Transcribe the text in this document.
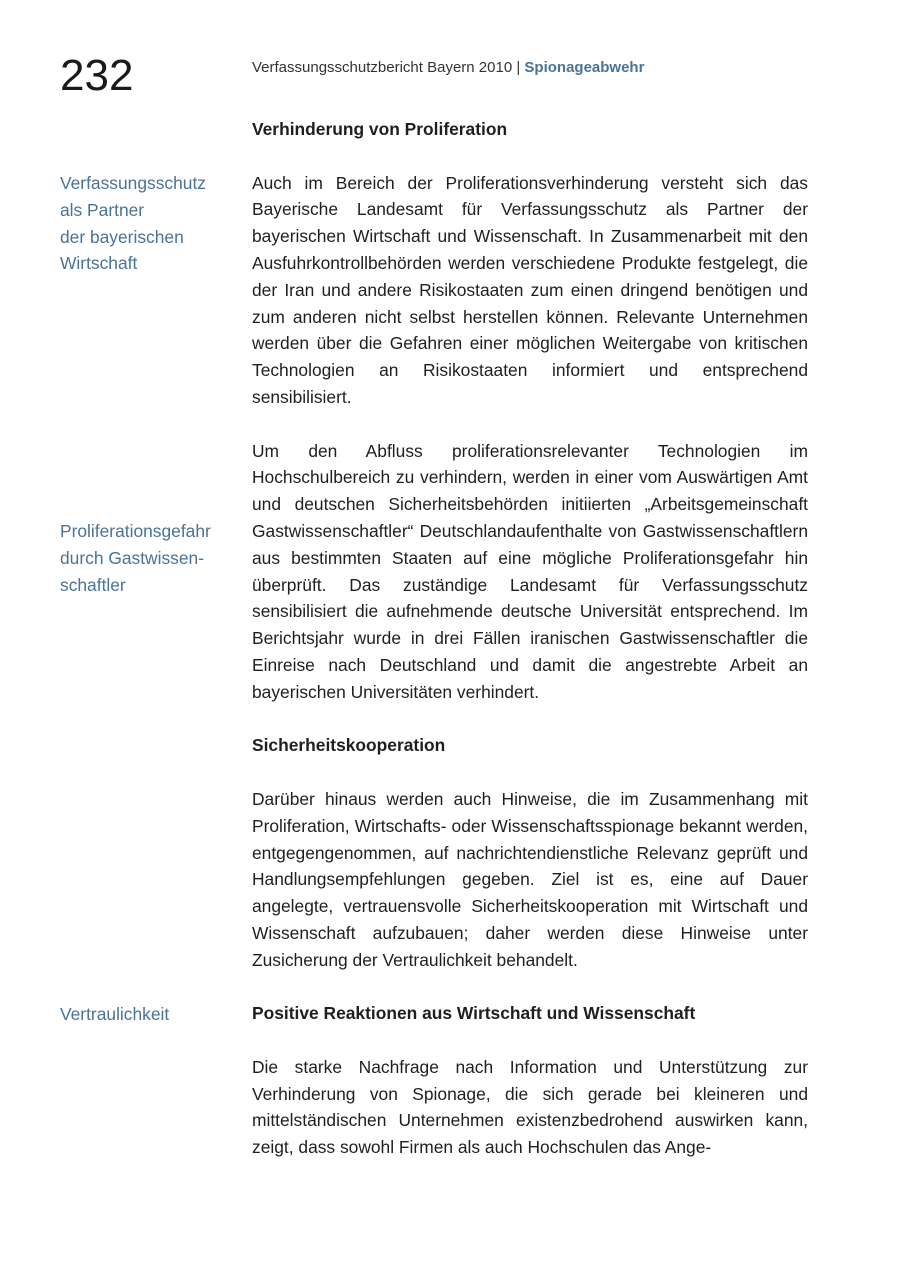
232	Verfassungsschutzbericht Bayern 2010 | Spionageabwehr
Verfassungsschutz
als Partner
der bayerischen
Wirtschaft
Proliferationsgefahr
durch Gastwissen-
schaftler
Vertraulichkeit
Verhinderung von Proliferation

Auch im Bereich der Proliferationsverhinderung versteht sich das Bayerische Landesamt für Verfassungsschutz als Partner der bayerischen Wirtschaft und Wissenschaft. In Zusammenarbeit mit den Ausfuhrkontrollbehörden werden verschiedene Produkte festgelegt, die der Iran und andere Risikostaaten zum einen dringend benötigen und zum anderen nicht selbst herstellen können. Relevante Unternehmen werden über die Gefahren einer möglichen Weitergabe von kritischen Technologien an Risikostaaten informiert und entsprechend sensibilisiert.

Um den Abfluss proliferationsrelevanter Technologien im Hochschulbereich zu verhindern, werden in einer vom Auswärtigen Amt und deutschen Sicherheitsbehörden initiierten „Arbeitsgemeinschaft Gastwissenschaftler“ Deutschlandaufenthalte von Gastwissenschaftlern aus bestimmten Staaten auf eine mögliche Proliferationsgefahr hin überprüft. Das zuständige Landesamt für Verfassungsschutz sensibilisiert die aufnehmende deutsche Universität entsprechend. Im Berichtsjahr wurde in drei Fällen iranischen Gastwissenschaftler die Einreise nach Deutschland und damit die angestrebte Arbeit an bayerischen Universitäten verhindert.

Sicherheitskooperation

Darüber hinaus werden auch Hinweise, die im Zusammenhang mit Proliferation, Wirtschafts- oder Wissenschaftsspionage bekannt werden, entgegengenommen, auf nachrichtendienstliche Relevanz geprüft und Handlungsempfehlungen gegeben. Ziel ist es, eine auf Dauer angelegte, vertrauensvolle Sicherheitskooperation mit Wirtschaft und Wissenschaft aufzubauen; daher werden diese Hinweise unter Zusicherung der Vertraulichkeit behandelt.

Positive Reaktionen aus Wirtschaft und Wissenschaft

Die starke Nachfrage nach Information und Unterstützung zur Verhinderung von Spionage, die sich gerade bei kleineren und mittelständischen Unternehmen existenzbedrohend auswirken kann, zeigt, dass sowohl Firmen als auch Hochschulen das Ange-
